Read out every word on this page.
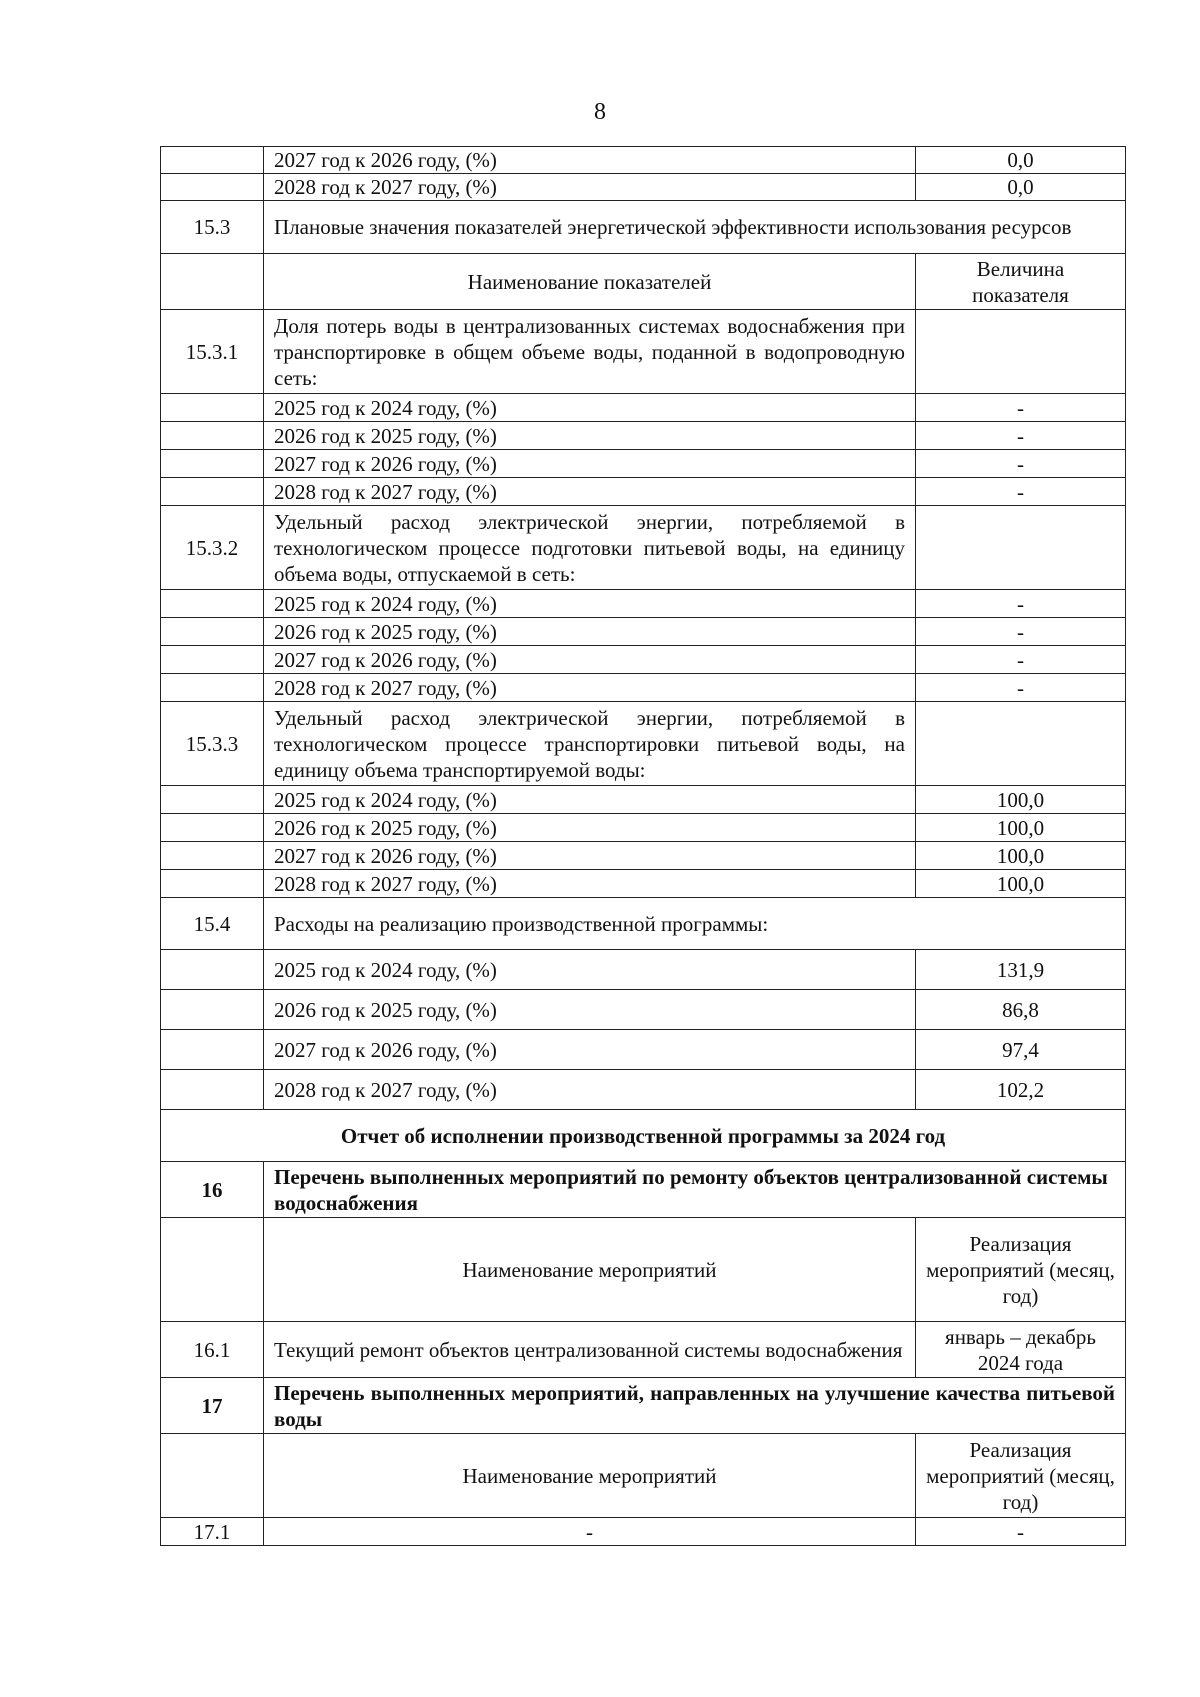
8
	2027 год к 2026 году, (%)	0,0
	2028 год к 2027 году, (%)	0,0
15.3	Плановые значения показателей энергетической эффективности использования ресурсов	
	Наименование показателей	Величина показателя
15.3.1	Доля потерь воды в централизованных системах водоснабжения при транспортировке в общем объеме воды, поданной в водопроводную сеть:	
	2025 год к 2024 году, (%)	-
	2026 год к 2025 году, (%)	-
	2027 год к 2026 году, (%)	-
	2028 год к 2027 году, (%)	-
15.3.2	Удельный расход электрической энергии, потребляемой в технологическом процессе подготовки питьевой воды, на единицу объема воды, отпускаемой в сеть:	
	2025 год к 2024 году, (%)	-
	2026 год к 2025 году, (%)	-
	2027 год к 2026 году, (%)	-
	2028 год к 2027 году, (%)	-
15.3.3	Удельный расход электрической энергии, потребляемой в технологическом процессе транспортировки питьевой воды, на единицу объема транспортируемой воды:	
	2025 год к 2024 году, (%)	100,0
	2026 год к 2025 году, (%)	100,0
	2027 год к 2026 году, (%)	100,0
	2028 год к 2027 году, (%)	100,0
15.4	Расходы на реализацию производственной программы:	
	2025 год к 2024 году, (%)	131,9
	2026 год к 2025 году, (%)	86,8
	2027 год к 2026 году, (%)	97,4
	2028 год к 2027 году, (%)	102,2
Отчет об исполнении производственной программы за 2024 год		
16	Перечень выполненных мероприятий по ремонту объектов централизованной системы водоснабжения	
	Наименование мероприятий	Реализация мероприятий (месяц, год)
16.1	Текущий ремонт объектов централизованной системы водоснабжения	январь – декабрь 2024 года
17	Перечень выполненных мероприятий, направленных на улучшение качества питьевой воды	
	Наименование мероприятий	Реализация мероприятий (месяц, год)
17.1	-	-
